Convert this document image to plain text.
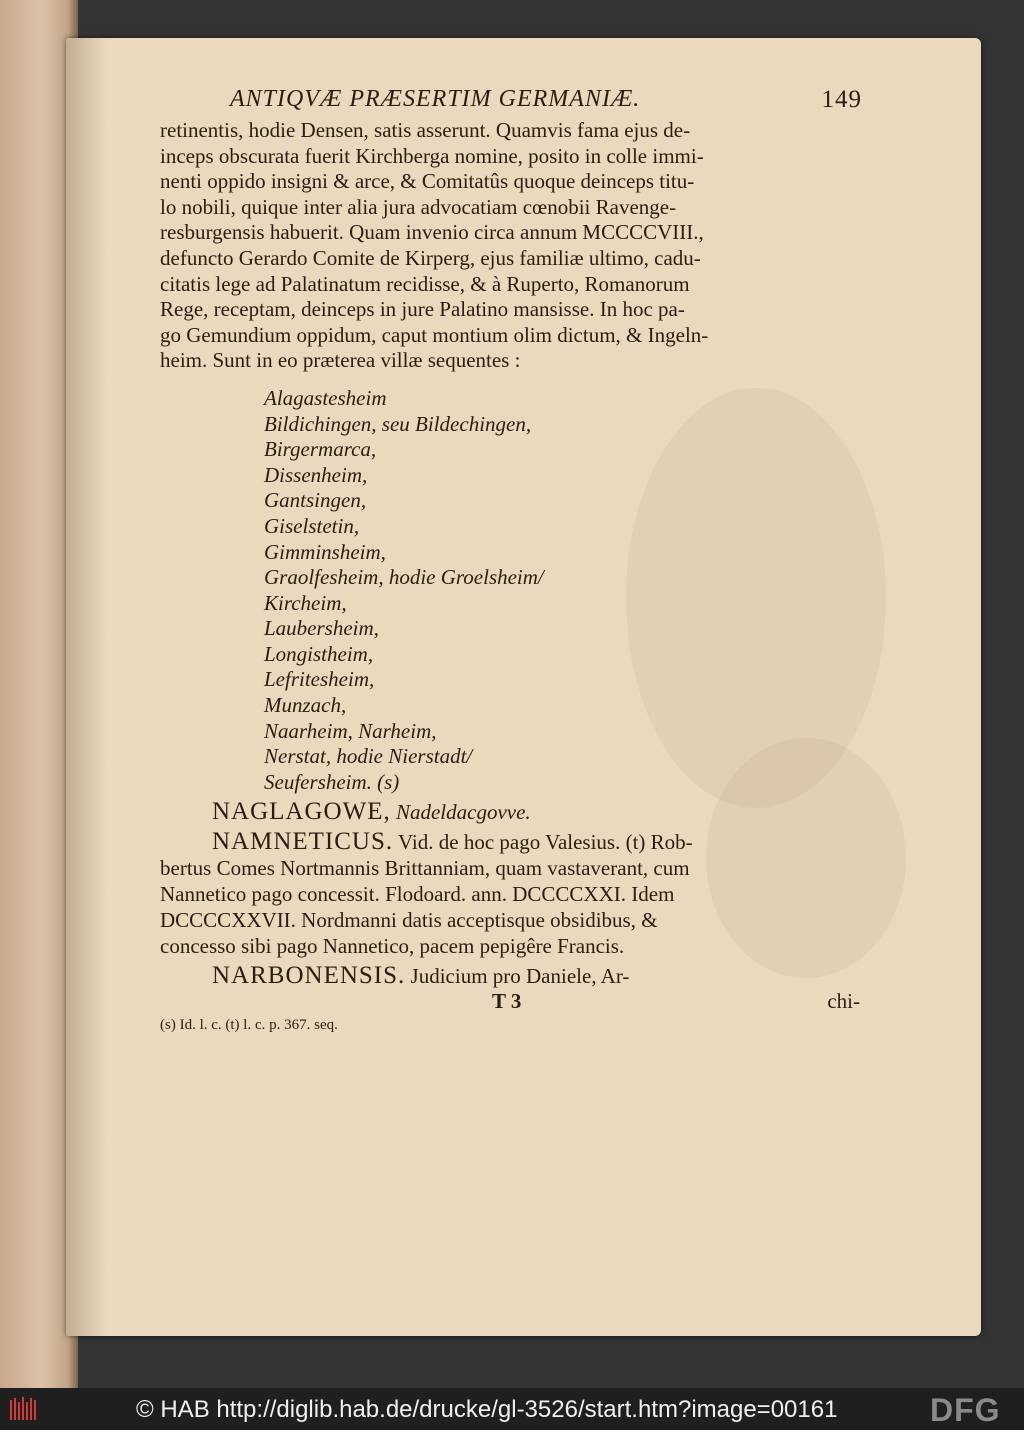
ANTIQVÆ PRÆSERTIM GERMANIÆ.	149

retinentis, hodie Densen, satis asserunt. Quamvis fama ejus de-

inceps obscurata fuerit Kirchberga nomine, posito in colle immi-

nenti oppido insigni & arce, & Comitatûs quoque deinceps titu-

lo nobili, quique inter alia jura advocatiam cœnobii Ravenge-

resburgensis habuerit. Quam invenio circa annum MCCCCVIII.,

defuncto Gerardo Comite de Kirperg, ejus familiæ ultimo, cadu-

citatis lege ad Palatinatum recidisse, & à Ruperto, Romanorum

Rege, receptam, deinceps in jure Palatino mansisse. In hoc pa-

go Gemundium oppidum, caput montium olim dictum, & Ingeln-

heim. Sunt in eo præterea villæ sequentes :

Alagastesheim
Bildichingen, seu Bildechingen,
Birgermarca,
Dissenheim,
Gantsingen,
Giselstetin,
Gimminsheim,
Graolfesheim, hodie Groelsheim/
Kircheim,
Laubersheim,
Longistheim,
Lefritesheim,
Munzach,
Naarheim, Narheim,
Nerstat, hodie Nierstadt/
Seufersheim. (s)
NAGLAGOWE, Nadeldacgovve.
NAMNETICUS. Vid. de hoc pago Valesius. (t) Rob-
bertus Comes Nortmannis Brittanniam, quam vastaverant, cum
Nannetico pago concessit. Flodoard. ann. DCCCCXXI. Idem
DCCCCXXVII. Nordmanni datis acceptisque obsidibus, &
concesso sibi pago Nannetico, pacem pepigêre Francis.
NARBONENSIS. Judicium pro Daniele, Ar-
T 3	chi-
(s) Id. l. c. (t) l. c. p. 367. seq.
© HAB http://diglib.hab.de/drucke/gl-3526/start.htm?image=00161	DFG
